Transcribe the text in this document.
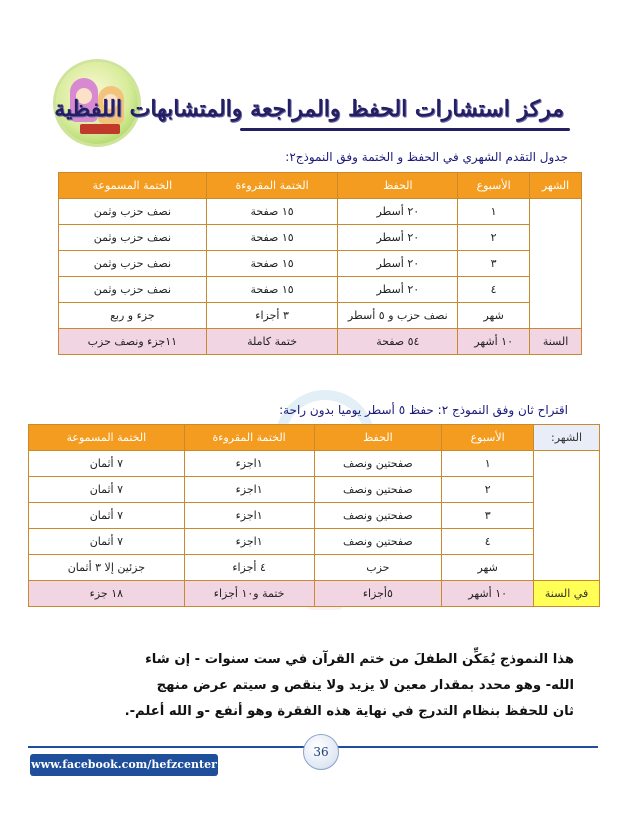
مركز استشارات الحفظ والمراجعة والمتشابهات اللفظية
جدول التقدم الشهري في الحفظ و الختمة وفق النموذج٢:
الشهر	الأسبوع	الحفظ	الختمة المقروءة	الختمة المسموعة
	١	٢٠ أسطر	١٥ صفحة	نصف حزب وثمن
	٢	٢٠ أسطر	١٥ صفحة	نصف حزب وثمن
	٣	٢٠ أسطر	١٥ صفحة	نصف حزب وثمن
	٤	٢٠ أسطر	١٥ صفحة	نصف حزب وثمن
	شهر	نصف حزب و ٥ أسطر	٣ أجزاء	جزء و ربع
السنة	١٠ أشهر	٥٤ صفحة	ختمة كاملة	١١جزء ونصف حزب
اقتراح ثان وفق النموذج ٢: حفظ ٥ أسطر يوميا بدون راحة:
الشهر:	الأسبوع	الحفظ	الختمة المقروءة	الختمة المسموعة
	١	صفحتين ونصف	١اجزء	٧ أثمان
	٢	صفحتين ونصف	١اجزء	٧ أثمان
	٣	صفحتين ونصف	١اجزء	٧ أثمان
	٤	صفحتين ونصف	١اجزء	٧ أثمان
	شهر	حزب	٤ أجزاء	جزئين إلا ٣ أثمان
في السنة	١٠ أشهر	٥أجزاء	ختمة و١٠ أجزاء	١٨ جزء
هذا النموذج يُمَكِّن الطفلَ من ختم القرآن في ست سنوات - إن شاء
الله- وهو محدد بمقدار معين لا يزيد ولا ينقص و سيتم عرض منهج
ثان للحفظ بنظام التدرج في نهاية هذه الفقرة وهو أنفع -و الله أعلم-.
36
www.facebook.com/hefzcenter
